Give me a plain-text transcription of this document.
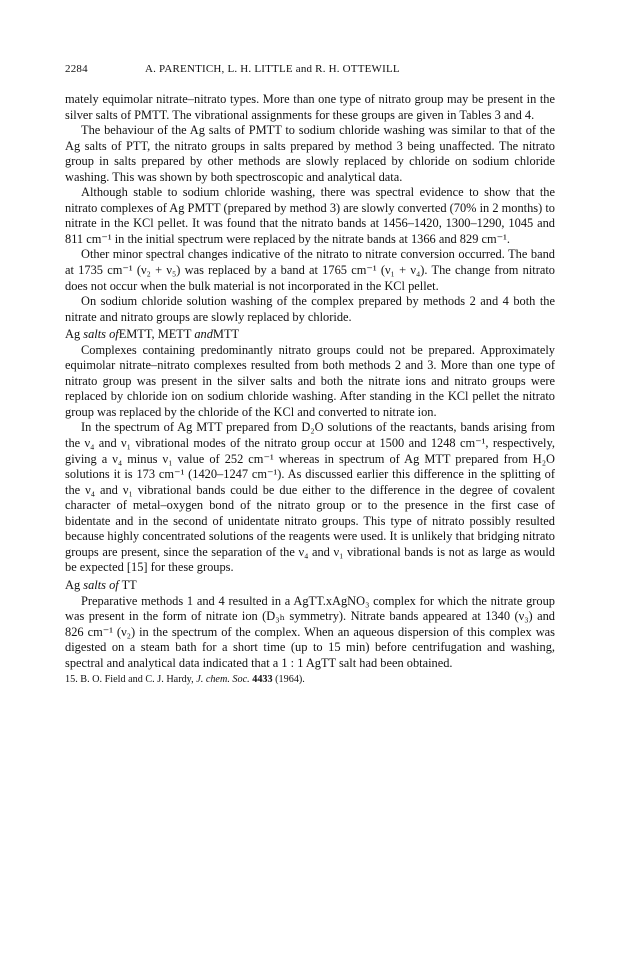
2284	A. PARENTICH, L. H. LITTLE and R. H. OTTEWILL

mately equimolar nitrate–nitrato types. More than one type of nitrato group may be present in the silver salts of PMTT. The vibrational assignments for these groups are given in Tables 3 and 4.

The behaviour of the Ag salts of PMTT to sodium chloride washing was similar to that of the Ag salts of PTT, the nitrato groups in salts prepared by method 3 being unaffected. The nitrato group in salts prepared by other methods are slowly replaced by chloride on sodium chloride washing. This was shown by both spectroscopic and analytical data.

Although stable to sodium chloride washing, there was spectral evidence to show that the nitrato complexes of Ag PMTT (prepared by method 3) are slowly converted (70% in 2 months) to nitrate in the KCl pellet. It was found that the nitrato bands at 1456–1420, 1300–1290, 1045 and 811 cm⁻¹ in the initial spectrum were replaced by the nitrate bands at 1366 and 829 cm⁻¹.

Other minor spectral changes indicative of the nitrato to nitrate conversion occurred. The band at 1735 cm⁻¹ (ν₂ + ν₅) was replaced by a band at 1765 cm⁻¹ (ν₁ + ν₄). The change from nitrato does not occur when the bulk material is not incorporated in the KCl pellet.

On sodium chloride solution washing of the complex prepared by methods 2 and 4 both the nitrate and nitrato groups are slowly replaced by chloride.

Ag salts ofEMTT, METT andMTT

Complexes containing predominantly nitrato groups could not be prepared. Approximately equimolar nitrate–nitrato complexes resulted from both methods 2 and 3. More than one type of nitrato group was present in the silver salts and both the nitrate ions and nitrato groups were replaced by chloride ion on sodium chloride washing. After standing in the KCl pellet the nitrato group was replaced by the chloride of the KCl and converted to nitrate ion.

In the spectrum of Ag MTT prepared from D₂O solutions of the reactants, bands arising from the ν₄ and ν₁ vibrational modes of the nitrato group occur at 1500 and 1248 cm⁻¹, respectively, giving a ν₄ minus ν₁ value of 252 cm⁻¹ whereas in spectrum of Ag MTT prepared from H₂O solutions it is 173 cm⁻¹ (1420–1247 cm⁻¹). As discussed earlier this difference in the splitting of the ν₄ and ν₁ vibrational bands could be due either to the difference in the degree of covalent character of metal–oxygen bond of the nitrato group or to the presence in the first case of bidentate and in the second of unidentate nitrato groups. This type of nitrato possibly resulted because highly concentrated solutions of the reagents were used. It is unlikely that bridging nitrato groups are present, since the separation of the ν₄ and ν₁ vibrational bands is not as large as would be expected [15] for these groups.

Ag salts of TT

Preparative methods 1 and 4 resulted in a AgTT.xAgNO₃ complex for which the nitrate group was present in the form of nitrate ion (D₃ₕ symmetry). Nitrate bands appeared at 1340 (ν₃) and 826 cm⁻¹ (ν₂) in the spectrum of the complex. When an aqueous dispersion of this complex was digested on a steam bath for a short time (up to 15 min) before centrifugation and washing, spectral and analytical data indicated that a 1 : 1 AgTT salt had been obtained.

15. B. O. Field and C. J. Hardy, J. chem. Soc. 4433 (1964).
